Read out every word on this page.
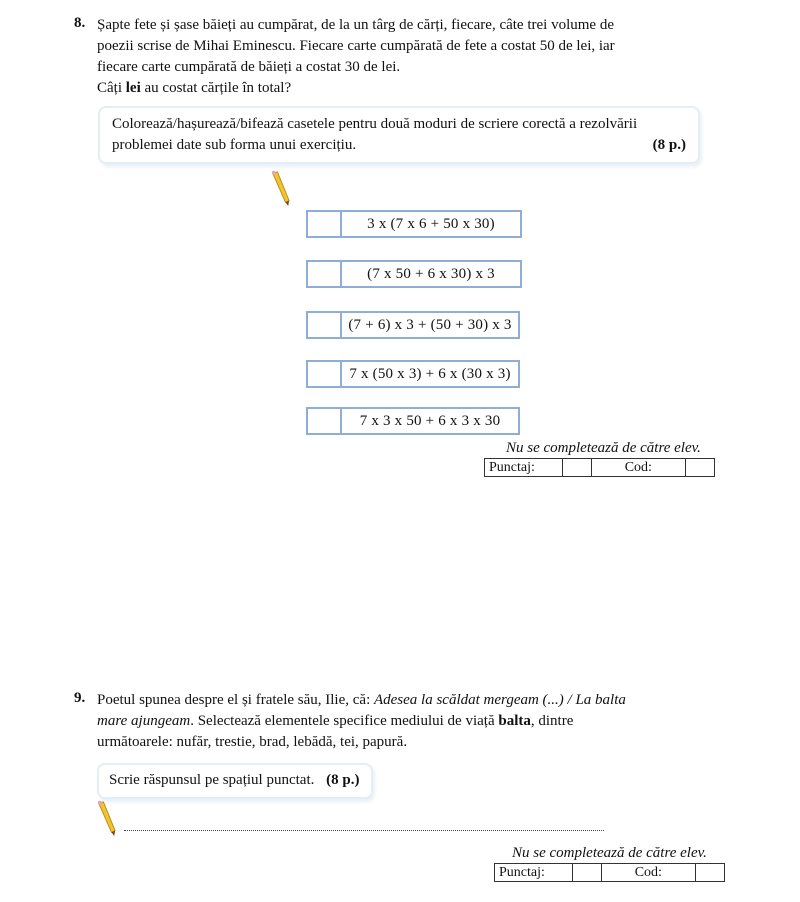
8. Șapte fete și șase băieți au cumpărat, de la un târg de cărți, fiecare, câte trei volume de
poezii scrise de Mihai Eminescu. Fiecare carte cumpărată de fete a costat 50 de lei, iar
fiecare carte cumpărată de băieți a costat 30 de lei.
Câți lei au costat cărțile în total?
Colorează/hașurează/bifează casetele pentru două moduri de scriere corectă a rezolvării
problemei date sub forma unui exercițiu.	(8 p.)
3 x (7 x 6 + 50 x 30)
(7 x 50 + 6 x 30) x 3
(7 + 6) x 3 + (50 + 30) x 3
7 x (50 x 3) + 6 x (30 x 3)
7 x 3 x 50 + 6 x 3 x 30
Nu se completează de către elev.
Punctaj:		Cod:	
9. Poetul spunea despre el și fratele său, Ilie, că: Adesea la scăldat mergeam (...) / La balta
mare ajungeam. Selectează elementele specifice mediului de viață balta, dintre
următoarele: nufăr, trestie, brad, lebădă, tei, papură.
Scrie răspunsul pe spațiul punctat. (8 p.)
Nu se completează de către elev.
Punctaj:		Cod:	
